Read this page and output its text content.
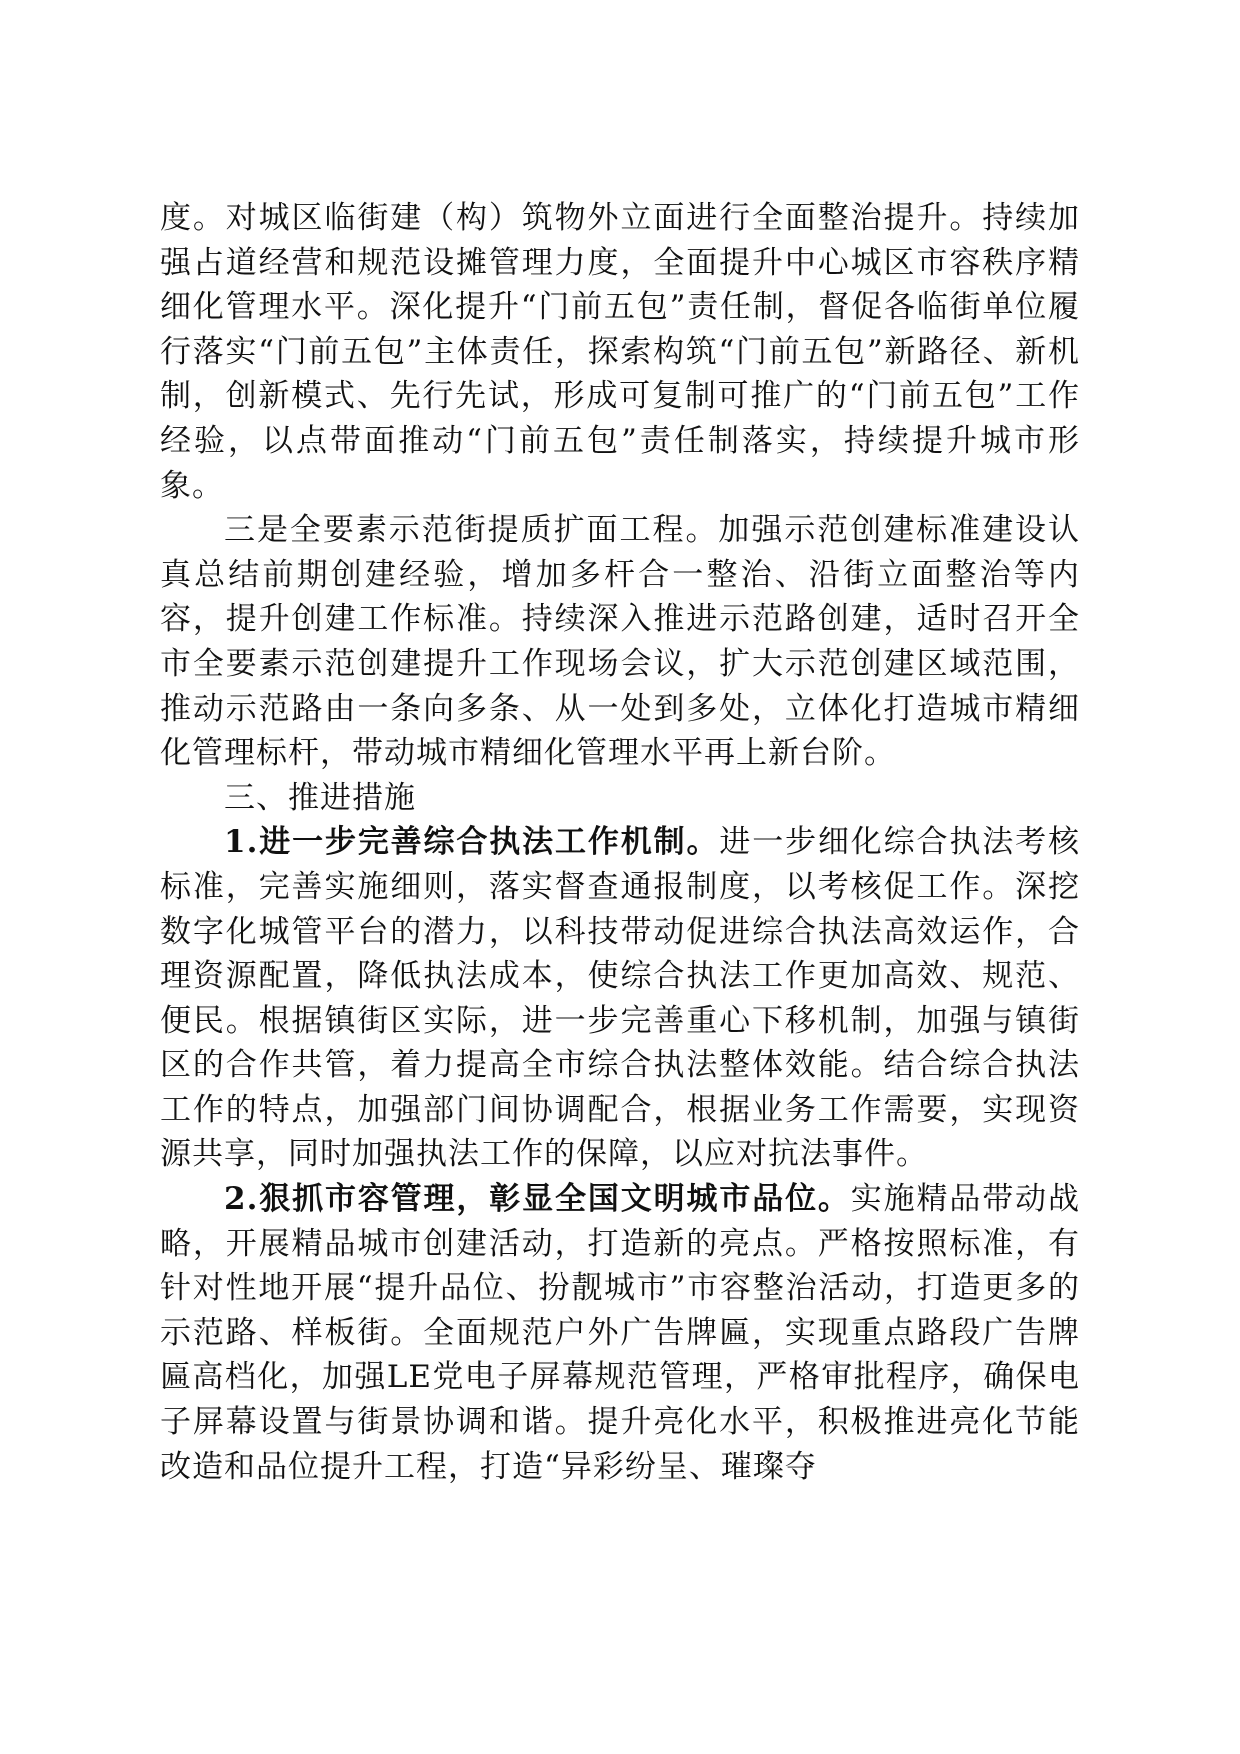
度。对城区临街建（构）筑物外立面进行全面整治提升。持续加强占道经营和规范设摊管理力度，全面提升中心城区市容秩序精细化管理水平。深化提升“门前五包”责任制，督促各临街单位履行落实“门前五包”主体责任，探索构筑“门前五包”新路径、新机制，创新模式、先行先试，形成可复制可推广的“门前五包”工作经验，以点带面推动“门前五包”责任制落实，持续提升城市形象。

三是全要素示范街提质扩面工程。加强示范创建标准建设认真总结前期创建经验，增加多杆合一整治、沿街立面整治等内容，提升创建工作标准。持续深入推进示范路创建，适时召开全市全要素示范创建提升工作现场会议，扩大示范创建区域范围，推动示范路由一条向多条、从一处到多处，立体化打造城市精细化管理标杆，带动城市精细化管理水平再上新台阶。

三、推进措施

1.进一步完善综合执法工作机制。进一步细化综合执法考核标准，完善实施细则，落实督查通报制度，以考核促工作。深挖数字化城管平台的潜力，以科技带动促进综合执法高效运作，合理资源配置，降低执法成本，使综合执法工作更加高效、规范、便民。根据镇街区实际，进一步完善重心下移机制，加强与镇街区的合作共管，着力提高全市综合执法整体效能。结合综合执法工作的特点，加强部门间协调配合，根据业务工作需要，实现资源共享，同时加强执法工作的保障，以应对抗法事件。

2.狠抓市容管理，彰显全国文明城市品位。实施精品带动战略，开展精品城市创建活动，打造新的亮点。严格按照标准，有针对性地开展“提升品位、扮靓城市”市容整治活动，打造更多的示范路、样板街。全面规范户外广告牌匾，实现重点路段广告牌匾高档化，加强LE党电子屏幕规范管理，严格审批程序，确保电子屏幕设置与街景协调和谐。提升亮化水平，积极推进亮化节能改造和品位提升工程，打造“异彩纷呈、璀璨夺
